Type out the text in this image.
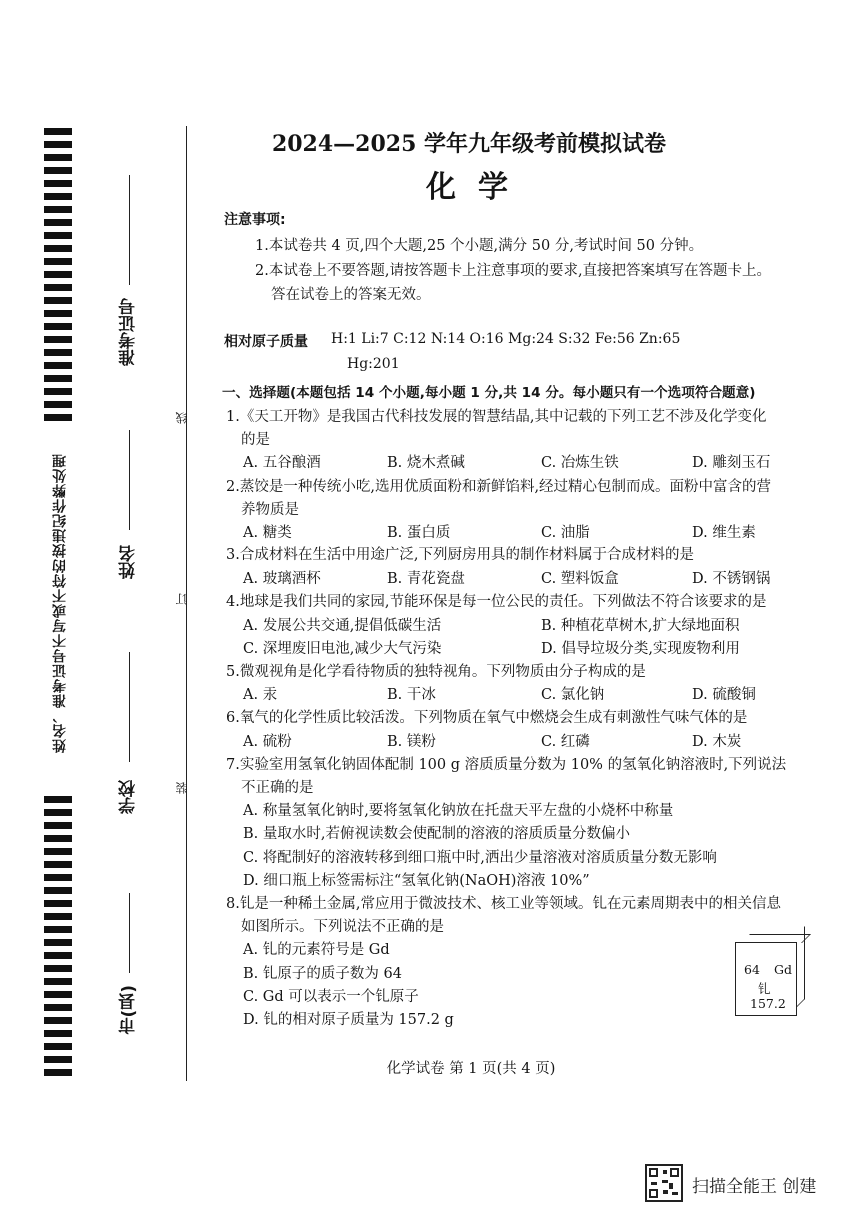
姓名、准考证号不写或不符的按违纪作弊处理
市(县)
学校
姓名
准考证号
装
订
线
2024—2025 学年九年级考前模拟试卷
化学
注意事项:
1.本试卷共 4 页,四个大题,25 个小题,满分 50 分,考试时间 50 分钟。
2.本试卷上不要答题,请按答题卡上注意事项的要求,直接把答案填写在答题卡上。
答在试卷上的答案无效。
相对原子质量 H:1 Li:7 C:12 N:14 O:16 Mg:24 S:32 Fe:56 Zn:65
Hg:201
一、选择题(本题包括 14 个小题,每小题 1 分,共 14 分。每小题只有一个选项符合题意)
1.《天工开物》是我国古代科技发展的智慧结晶,其中记载的下列工艺不涉及化学变化
的是
A. 五谷酿酒	B. 烧木煮碱	C. 冶炼生铁	D. 雕刻玉石
2.蒸饺是一种传统小吃,选用优质面粉和新鲜馅料,经过精心包制而成。面粉中富含的营
养物质是
A. 糖类	B. 蛋白质	C. 油脂	D. 维生素
3.合成材料在生活中用途广泛,下列厨房用具的制作材料属于合成材料的是
A. 玻璃酒杯	B. 青花瓷盘	C. 塑料饭盒	D. 不锈钢锅
4.地球是我们共同的家园,节能环保是每一位公民的责任。下列做法不符合该要求的是
A. 发展公共交通,提倡低碳生活	B. 种植花草树木,扩大绿地面积
C. 深埋废旧电池,减少大气污染	D. 倡导垃圾分类,实现废物利用
5.微观视角是化学看待物质的独特视角。下列物质由分子构成的是
A. 汞	B. 干冰	C. 氯化钠	D. 硫酸铜
6.氧气的化学性质比较活泼。下列物质在氧气中燃烧会生成有刺激性气味气体的是
A. 硫粉	B. 镁粉	C. 红磷	D. 木炭
7.实验室用氢氧化钠固体配制 100 g 溶质质量分数为 10% 的氢氧化钠溶液时,下列说法
不正确的是
A. 称量氢氧化钠时,要将氢氧化钠放在托盘天平左盘的小烧杯中称量
B. 量取水时,若俯视读数会使配制的溶液的溶质质量分数偏小
C. 将配制好的溶液转移到细口瓶中时,洒出少量溶液对溶质质量分数无影响
D. 细口瓶上标签需标注“氢氧化钠(NaOH)溶液 10%”
8.钆是一种稀土金属,常应用于微波技术、核工业等领域。钆在元素周期表中的相关信息
如图所示。下列说法不正确的是
A. 钆的元素符号是 Gd
B. 钆原子的质子数为 64
C. Gd 可以表示一个钆原子
D. 钆的相对原子质量为 157.2 g
64 Gd
钆
157.2
化学试卷 第 1 页(共 4 页)
扫描全能王 创建
